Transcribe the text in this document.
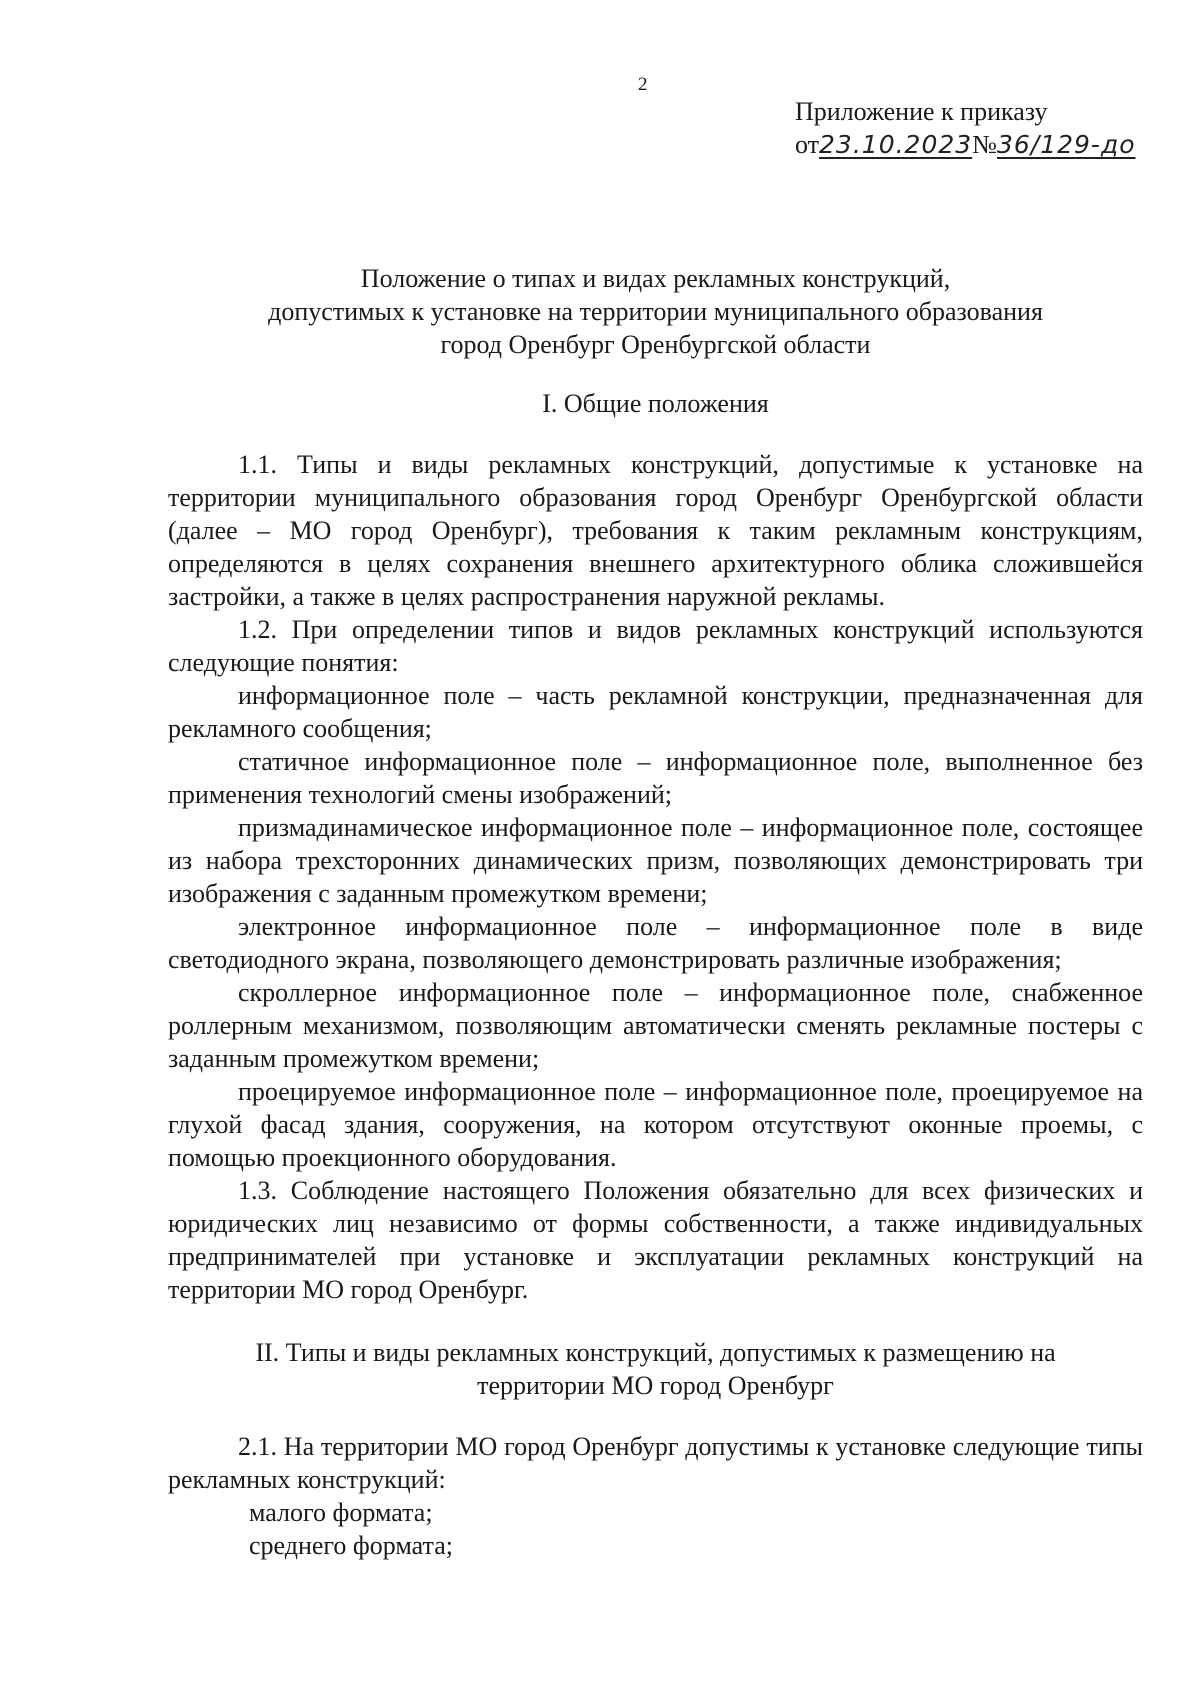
2
Приложение к приказу
от23.10.2023№36/129-до
Положение о типах и видах рекламных конструкций,
допустимых к установке на территории муниципального образования
город Оренбург Оренбургской области
I. Общие положения

1.1. Типы и виды рекламных конструкций, допустимые к установке на территории муниципального образования город Оренбург Оренбургской области (далее – МО город Оренбург), требования к таким рекламным конструкциям, определяются в целях сохранения внешнего архитектурного облика сложившейся застройки, а также в целях распространения наружной рекламы.

1.2. При определении типов и видов рекламных конструкций используются следующие понятия:

информационное поле – часть рекламной конструкции, предназначенная для рекламного сообщения;

статичное информационное поле – информационное поле, выполненное без применения технологий смены изображений;

призмадинамическое информационное поле – информационное поле, состоящее из набора трехсторонних динамических призм, позволяющих демонстрировать три изображения с заданным промежутком времени;

электронное информационное поле – информационное поле в виде светодиодного экрана, позволяющего демонстрировать различные изображения;

скроллерное информационное поле – информационное поле, снабженное роллерным механизмом, позволяющим автоматически сменять рекламные постеры с заданным промежутком времени;

проецируемое информационное поле – информационное поле, проецируемое на глухой фасад здания, сооружения, на котором отсутствуют оконные проемы, с помощью проекционного оборудования.

1.3. Соблюдение настоящего Положения обязательно для всех физических и юридических лиц независимо от формы собственности, а также индивидуальных предпринимателей при установке и эксплуатации рекламных конструкций на территории МО город Оренбург.

II. Типы и виды рекламных конструкций, допустимых к размещению на
территории МО город Оренбург

2.1. На территории МО город Оренбург допустимы к установке следующие типы рекламных конструкций:

малого формата;

среднего формата;
